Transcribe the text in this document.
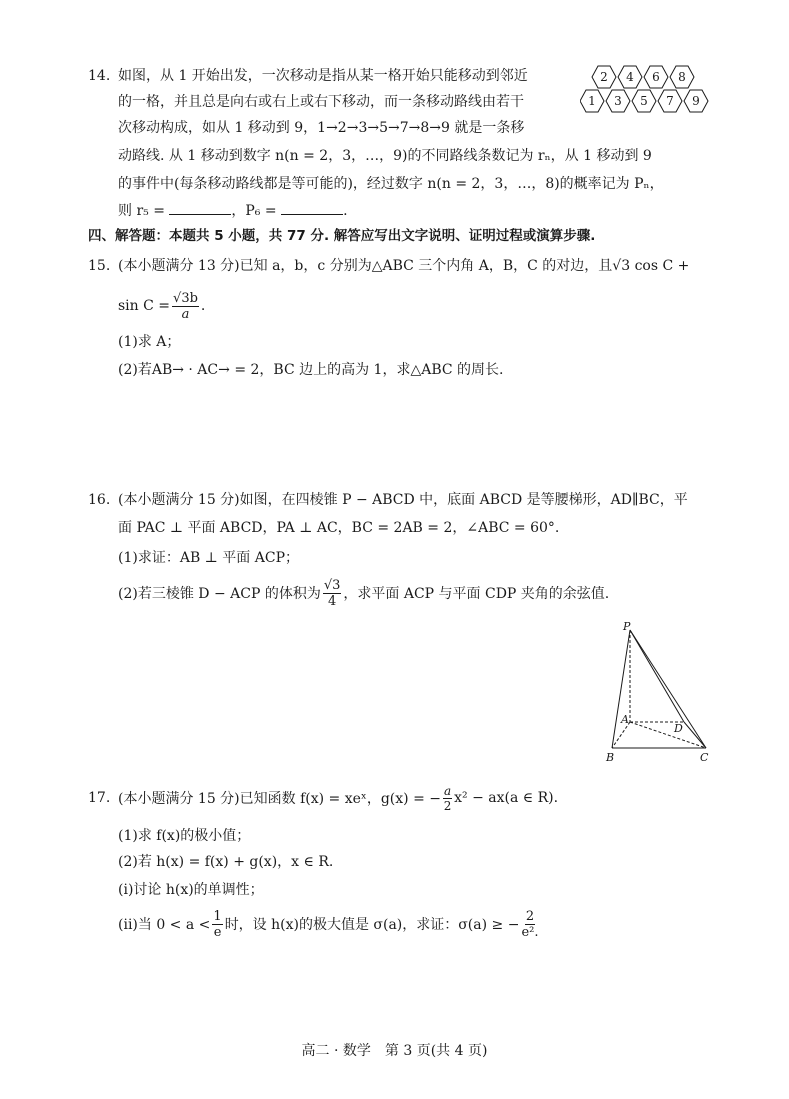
14. 如图，从 1 开始出发，一次移动是指从某一格开始只能移动到邻近
的一格，并且总是向右或右上或右下移动，而一条移动路线由若干
次移动构成，如从 1 移动到 9，1→2→3→5→7→8→9 就是一条移
动路线. 从 1 移动到数字 n(n = 2，3，…，9)的不同路线条数记为 rₙ，从 1 移动到 9
的事件中(每条移动路线都是等可能的)，经过数字 n(n = 2，3，…，8)的概率记为 Pₙ，
则 r₅ =	，P₆ =	.
2 4 6 8
1 3 5 7 9
四、解答题：本题共 5 小题，共 77 分. 解答应写出文字说明、证明过程或演算步骤.
15. (本小题满分 13 分)已知 a，b，c 分别为△ABC 三个内角 A，B，C 的对边，且√3 cos C +
$\sin C = \frac{√3b}{a}$ .
(1)求 A；
(2)若AB→ · AC→ = 2，BC 边上的高为 1，求△ABC 的周长.
16. (本小题满分 15 分)如图，在四棱锥 P − ABCD 中，底面 ABCD 是等腰梯形，AD∥BC，平
面 PAC ⊥ 平面 ABCD，PA ⊥ AC，BC = 2AB = 2，∠ABC = 60°.
(1)求证：AB ⊥ 平面 ACP；
(2)若三棱锥 D − ACP 的体积为 $\frac{√3}{4}$ ，求平面 ACP 与平面 CDP 夹角的余弦值.
P
A
D
B	C
17. (本小题满分 15 分)已知函数 f(x) = xeˣ，g(x) = − $\frac{a}{2} x^2 - ax(a$ ∈ R).
(1)求 f(x)的极小值；
(2)若 h(x) = f(x) + g(x)，x ∈ R.
(i)讨论 h(x)的单调性；
(ii)当 $0 < a < \frac{1}{e}$ 时，设 h(x)的极大值是 σ(a)，求证：σ(a) ≥ − $\frac{2}{\text{e².}}$
高二 · 数学　第 3 页(共 4 页)
